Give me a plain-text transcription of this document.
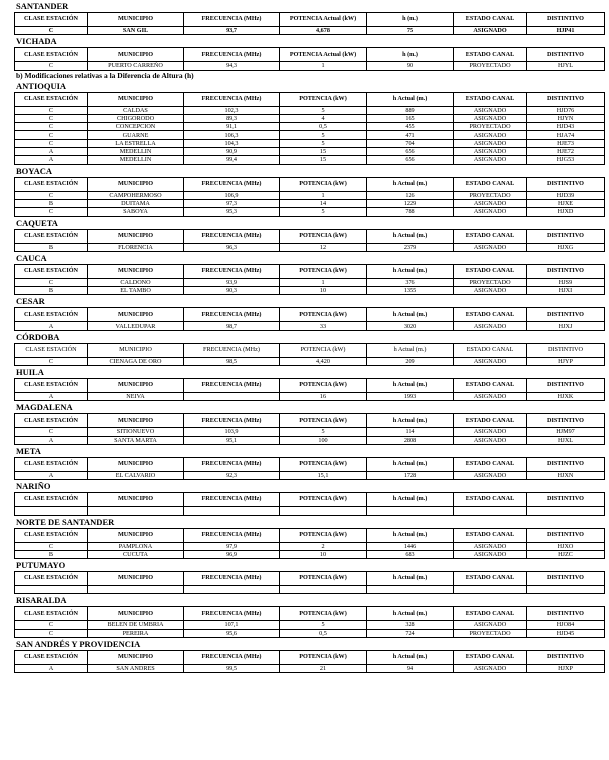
SANTANDER
CLASE ESTACIÓN	MUNICIPIO	FRECUENCIA (MHz)	POTENCIA Actual (kW)	h (m.)	ESTADO CANAL	DISTINTIVO
C	SAN GIL	93,7	4,678	75	ASIGNADO	HJP41
VICHADA
CLASE ESTACIÓN	MUNICIPIO	FRECUENCIA (MHz)	POTENCIA Actual (kW)	h (m.)	ESTADO CANAL	DISTINTIVO
C	PUERTO CARREÑO	94,3	1	90	PROYECTADO	HJYL
b) Modificaciones relativas a la Diferencia de Altura (h)
ANTIOQUIA
CLASE ESTACIÓN	MUNICIPIO	FRECUENCIA (MHz)	POTENCIA (kW)	h Actual (m.)	ESTADO CANAL	DISTINTIVO
C	CALDAS	102,3	5	889	ASIGNADO	HJD76
C	CHIGORODO	89,3	4	165	ASIGNADO	HJYN
C	CONCEPCION	91,1	0,5	455	PROYECTADO	HJD43
C	GUARNE	106,3	5	471	ASIGNADO	HJA74
C	LA ESTRELLA	104,3	5	704	ASIGNADO	HJE73
A	MEDELLIN	90,9	15	656	ASIGNADO	HJE72
A	MEDELLIN	99,4	15	656	ASIGNADO	HJG53
BOYACA
CLASE ESTACIÓN	MUNICIPIO	FRECUENCIA (MHz)	POTENCIA (kW)	h Actual (m.)	ESTADO CANAL	DISTINTIVO
C	CAMPOHERMOSO	106,9	1	126	PROYECTADO	HJD39
B	DUITAMA	97,3	14	1229	ASIGNADO	HJXE
C	SABOYA	95,3	5	788	ASIGNADO	HJXD
CAQUETA
CLASE ESTACIÓN	MUNICIPIO	FRECUENCIA (MHz)	POTENCIA (kW)	h Actual (m.)	ESTADO CANAL	DISTINTIVO
B	FLORENCIA	96,3	12	2379	ASIGNADO	HJXG
CAUCA
CLASE ESTACIÓN	MUNICIPIO	FRECUENCIA (MHz)	POTENCIA (kW)	h Actual (m.)	ESTADO CANAL	DISTINTIVO
C	CALDONO	93,9	1	376	PROYECTADO	HJS9
B	EL TAMBO	90,3	10	1355	ASIGNADO	HJXI
CESAR
CLASE ESTACIÓN	MUNICIPIO	FRECUENCIA (MHz)	POTENCIA (kW)	h Actual (m.)	ESTADO CANAL	DISTINTIVO
A	VALLEDUPAR	98,7	33	3020	ASIGNADO	HJXJ
CÓRDOBA
CLASE ESTACIÓN	MUNICIPIO	FRECUENCIA (MHz)	POTENCIA (kW)	h Actual (m.)	ESTADO CANAL	DISTINTIVO
C	CIENAGA DE ORO	98,5	4,420	209	ASIGNADO	HJYP
HUILA
CLASE ESTACIÓN	MUNICIPIO	FRECUENCIA (MHz)	POTENCIA (kW)	h Actual (m.)	ESTADO CANAL	DISTINTIVO
A	NEIVA		16	1993	ASIGNADO	HJXK
MAGDALENA
CLASE ESTACIÓN	MUNICIPIO	FRECUENCIA (MHz)	POTENCIA (kW)	h Actual (m.)	ESTADO CANAL	DISTINTIVO
C	SITIONUEVO	103,9	5	114	ASIGNADO	HJM97
A	SANTA MARTA	95,1	100	2808	ASIGNADO	HJXL
META
CLASE ESTACIÓN	MUNICIPIO	FRECUENCIA (MHz)	POTENCIA (kW)	h Actual (m.)	ESTADO CANAL	DISTINTIVO
A	EL CALVARIO	92,3	15,1	1728	ASIGNADO	HJXN
NARIÑO
CLASE ESTACIÓN	MUNICIPIO	FRECUENCIA (MHz)	POTENCIA (kW)	h Actual (m.)	ESTADO CANAL	DISTINTIVO

NORTE DE SANTANDER
CLASE ESTACIÓN	MUNICIPIO	FRECUENCIA (MHz)	POTENCIA (kW)	h Actual (m.)	ESTADO CANAL	DISTINTIVO
C	PAMPLONA	97,9	2	1446	ASIGNADO	HJXO
B	CUCUTA	96,9	10	683	ASIGNADO	HJZC
PUTUMAYO
CLASE ESTACIÓN	MUNICIPIO	FRECUENCIA (MHz)	POTENCIA (kW)	h Actual (m.)	ESTADO CANAL	DISTINTIVO

RISARALDA
CLASE ESTACIÓN	MUNICIPIO	FRECUENCIA (MHz)	POTENCIA (kW)	h Actual (m.)	ESTADO CANAL	DISTINTIVO
C	BELEN DE UMBRIA	107,1	5	328	ASIGNADO	HJO84
C	PEREIRA	95,6	0,5	724	PROYECTADO	HJD45
SAN ANDRÉS Y PROVIDENCIA
CLASE ESTACIÓN	MUNICIPIO	FRECUENCIA (MHz)	POTENCIA (kW)	h Actual (m.)	ESTADO CANAL	DISTINTIVO
A	SAN ANDRES	99,5	21	94	ASIGNADO	HJXP
